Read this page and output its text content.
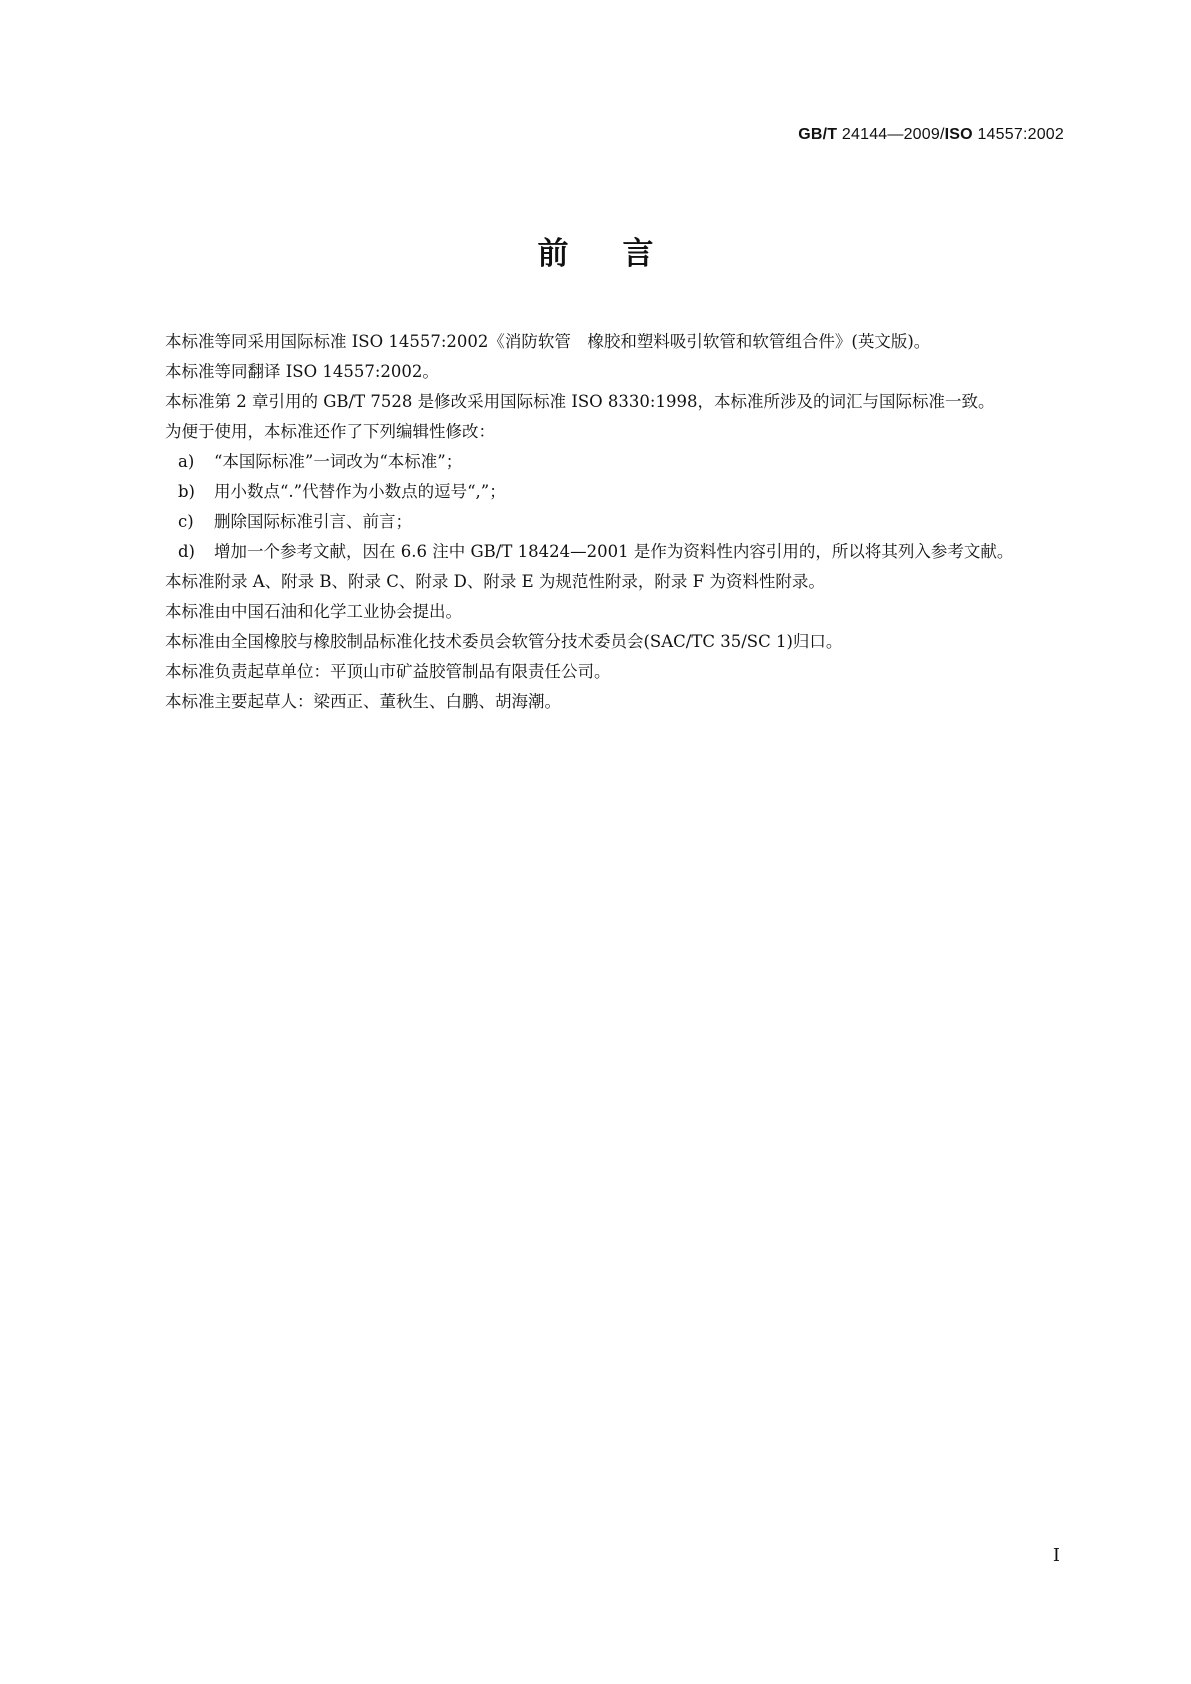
GB/T 24144—2009/ISO 14557:2002
前言

本标准等同采用国际标准 ISO 14557:2002《消防软管　橡胶和塑料吸引软管和软管组合件》(英文版)。

本标准等同翻译 ISO 14557:2002。

本标准第 2 章引用的 GB/T 7528 是修改采用国际标准 ISO 8330:1998，本标准所涉及的词汇与国际标准一致。

为便于使用，本标准还作了下列编辑性修改：

a) “本国际标准”一词改为“本标准”；

b) 用小数点“.”代替作为小数点的逗号“,”；

c) 删除国际标准引言、前言；

d) 增加一个参考文献，因在 6.6 注中 GB/T 18424—2001 是作为资料性内容引用的，所以将其列入参考文献。

本标准附录 A、附录 B、附录 C、附录 D、附录 E 为规范性附录，附录 F 为资料性附录。

本标准由中国石油和化学工业协会提出。

本标准由全国橡胶与橡胶制品标准化技术委员会软管分技术委员会(SAC/TC 35/SC 1)归口。

本标准负责起草单位：平顶山市矿益胶管制品有限责任公司。

本标准主要起草人：梁西正、董秋生、白鹏、胡海潮。

I
